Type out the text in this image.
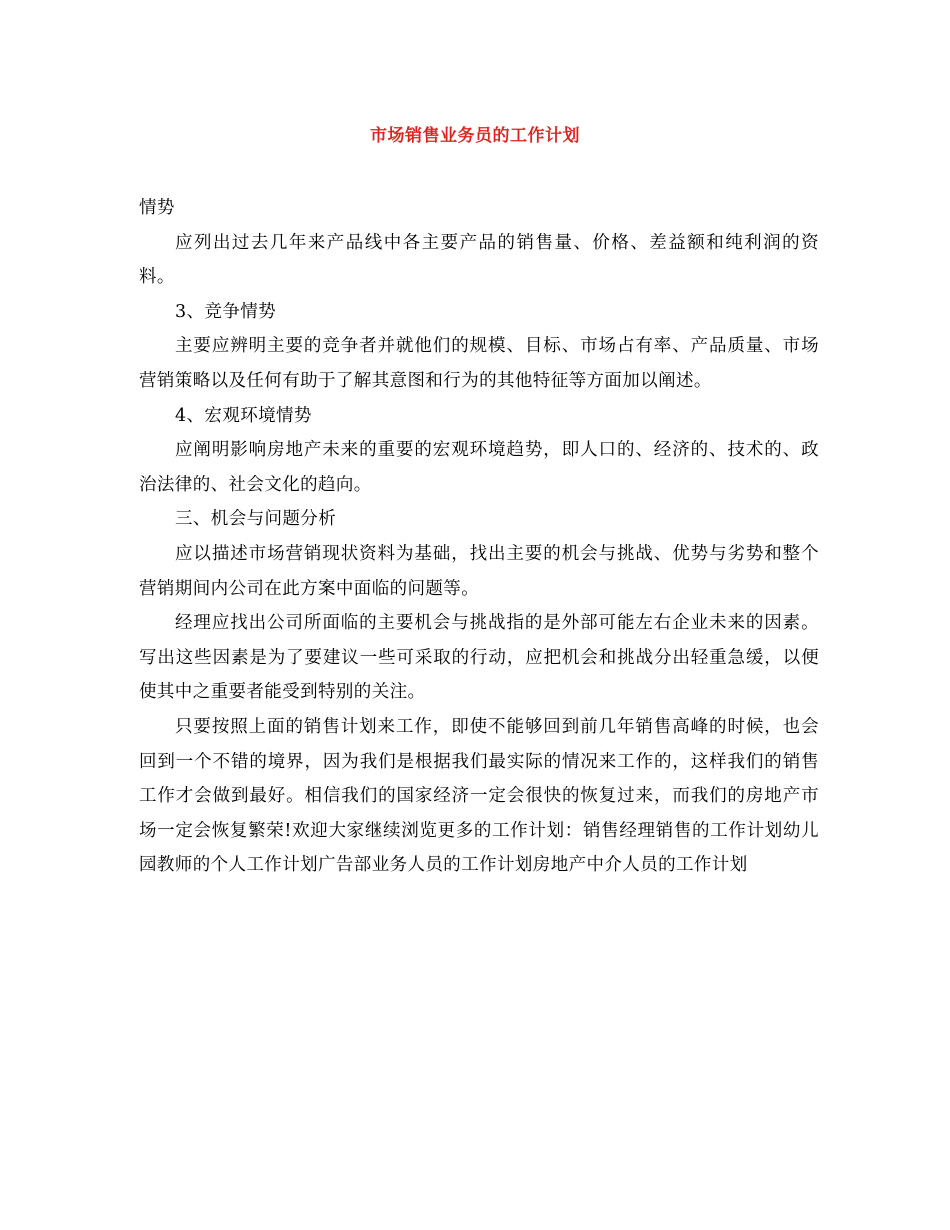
市场销售业务员的工作计划

情势

应列出过去几年来产品线中各主要产品的销售量、价格、差益额和纯利润的资料。

3、竞争情势

主要应辨明主要的竞争者并就他们的规模、目标、市场占有率、产品质量、市场营销策略以及任何有助于了解其意图和行为的其他特征等方面加以阐述。

4、宏观环境情势

应阐明影响房地产未来的重要的宏观环境趋势，即人口的、经济的、技术的、政治法律的、社会文化的趋向。

三、机会与问题分析

应以描述市场营销现状资料为基础，找出主要的机会与挑战、优势与劣势和整个营销期间内公司在此方案中面临的问题等。

经理应找出公司所面临的主要机会与挑战指的是外部可能左右企业未来的因素。写出这些因素是为了要建议一些可采取的行动，应把机会和挑战分出轻重急缓，以便使其中之重要者能受到特别的关注。

只要按照上面的销售计划来工作，即使不能够回到前几年销售高峰的时候，也会回到一个不错的境界，因为我们是根据我们最实际的情况来工作的，这样我们的销售工作才会做到最好。相信我们的国家经济一定会很快的恢复过来，而我们的房地产市场一定会恢复繁荣!欢迎大家继续浏览更多的工作计划：销售经理销售的工作计划幼儿园教师的个人工作计划广告部业务人员的工作计划房地产中介人员的工作计划
